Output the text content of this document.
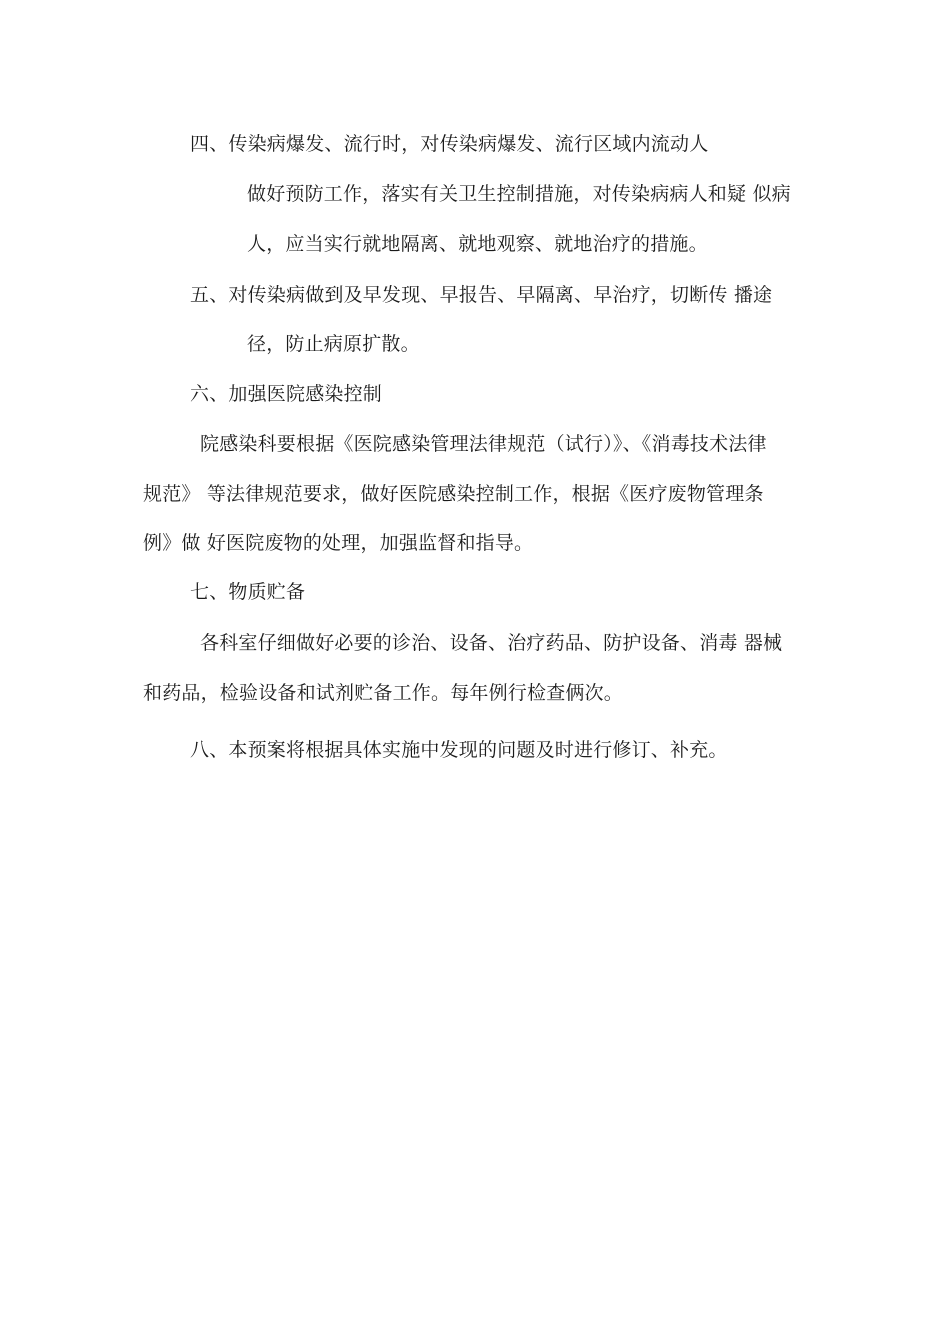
四、传染病爆发、流行时，对传染病爆发、流行区域内流动人
做好预防工作，落实有关卫生控制措施，对传染病病人和疑 似病
人，应当实行就地隔离、就地观察、就地治疗的措施。
五、对传染病做到及早发现、早报告、早隔离、早治疗，切断传 播途
径，防止病原扩散。
六、加强医院感染控制
院感染科要根据《医院感染管理法律规范（试行）》、《消毒技术法律
规范》 等法律规范要求，做好医院感染控制工作，根据《医疗废物管理条
例》做 好医院废物的处理，加强监督和指导。
七、物质贮备
各科室仔细做好必要的诊治、设备、治疗药品、防护设备、消毒 器械
和药品，检验设备和试剂贮备工作。每年例行检查俩次。
八、本预案将根据具体实施中发现的问题及时进行修订、补充。
